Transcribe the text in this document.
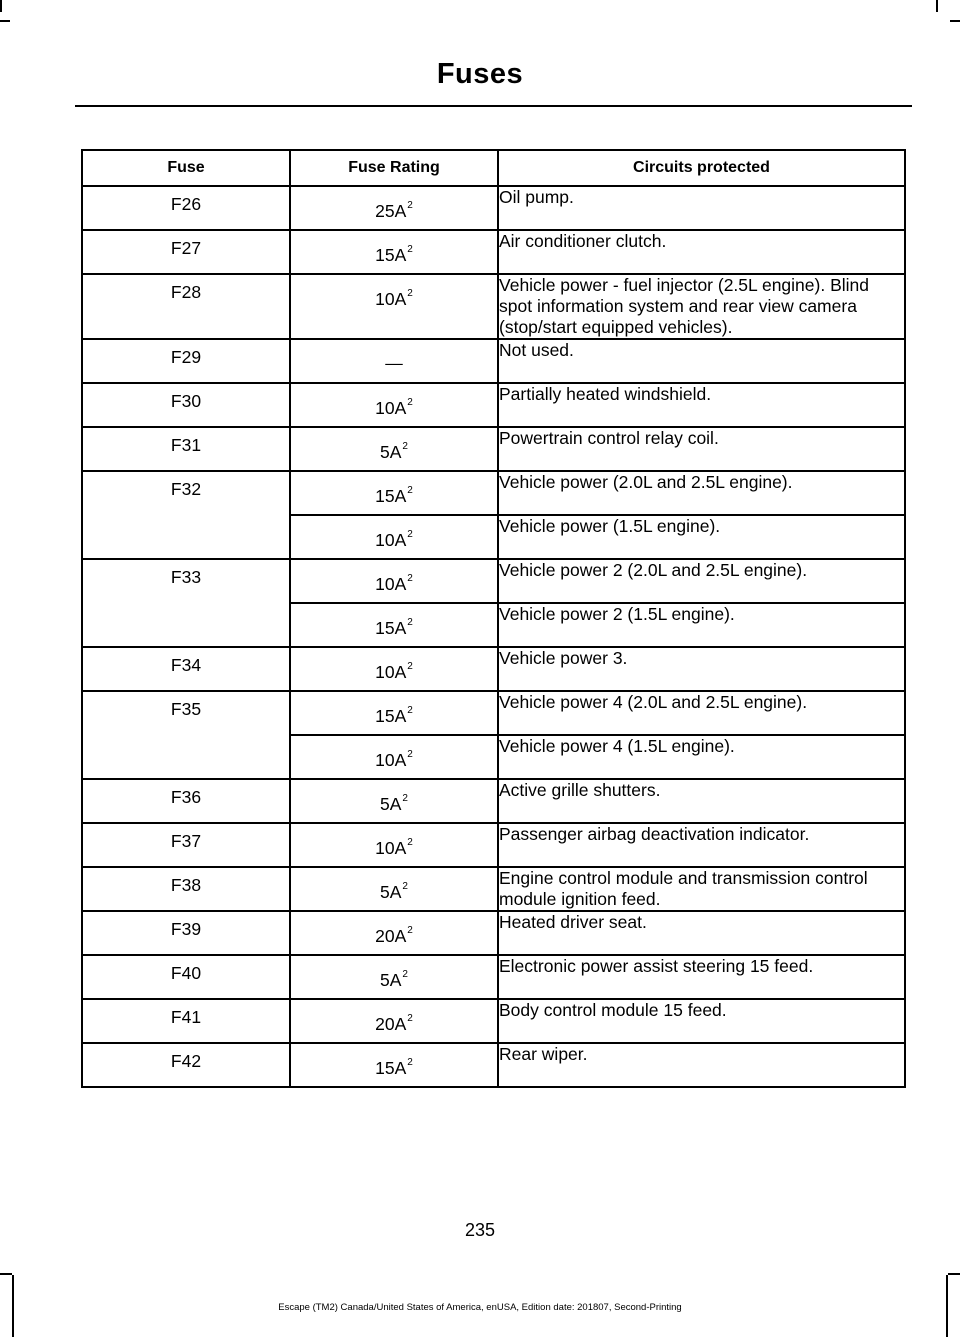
Fuses
Fuse	Fuse Rating	Circuits protected
F26	$25A^2$	Oil pump.
F27	$15A^2$	Air conditioner clutch.
F28	$10A^2$	Vehicle power - fuel injector (2.5L engine). Blind spot information system and rear view camera (stop/start equipped vehicles).
F29	—	Not used.
F30	$10A^2$	Partially heated windshield.
F31	$5A^2$	Powertrain control relay coil.
F32	$15A^2$	Vehicle power (2.0L and 2.5L engine).
	$10A^2$	Vehicle power (1.5L engine).
F33	$10A^2$	Vehicle power 2 (2.0L and 2.5L engine).
	$15A^2$	Vehicle power 2 (1.5L engine).
F34	$10A^2$	Vehicle power 3.
F35	$15A^2$	Vehicle power 4 (2.0L and 2.5L engine).
	$10A^2$	Vehicle power 4 (1.5L engine).
F36	$5A^2$	Active grille shutters.
F37	$10A^2$	Passenger airbag deactivation indicator.
F38	$5A^2$	Engine control module and transmission control module ignition feed.
F39	$20A^2$	Heated driver seat.
F40	$5A^2$	Electronic power assist steering 15 feed.
F41	$20A^2$	Body control module 15 feed.
F42	$15A^2$	Rear wiper.
235
Escape (TM2) Canada/United States of America, enUSA, Edition date: 201807, Second-Printing
